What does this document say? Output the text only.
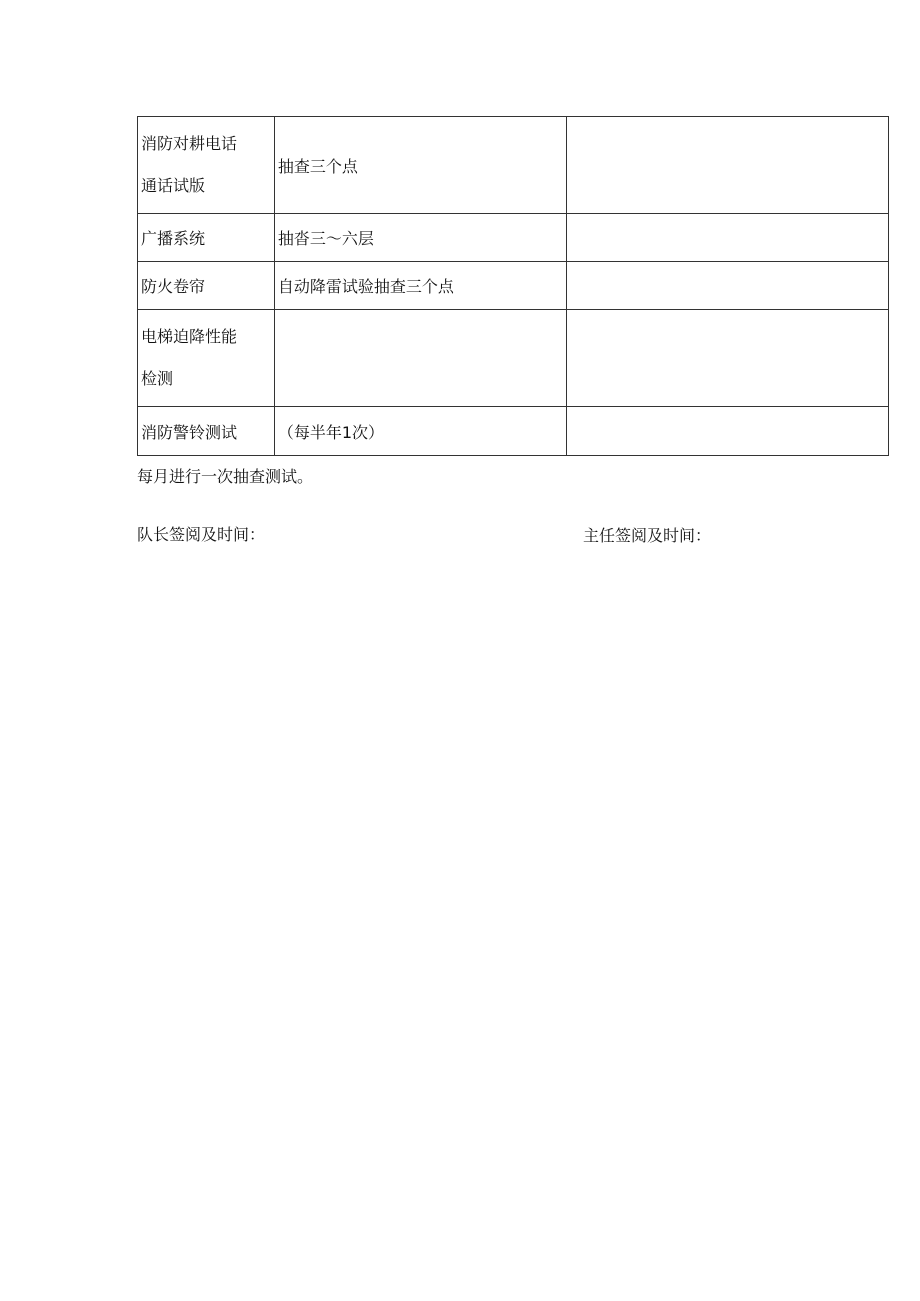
消防对耕电话
通话试版	抽查三个点	
广播系统	抽沓三〜六层	
防火卷帘	自动降雷试验抽查三个点	

电梯迫降性能
检测		

消防警铃测试	（每半年1次）	
每月进行一次抽查测试。
队长签阅及时间：	主任签阅及时间：
